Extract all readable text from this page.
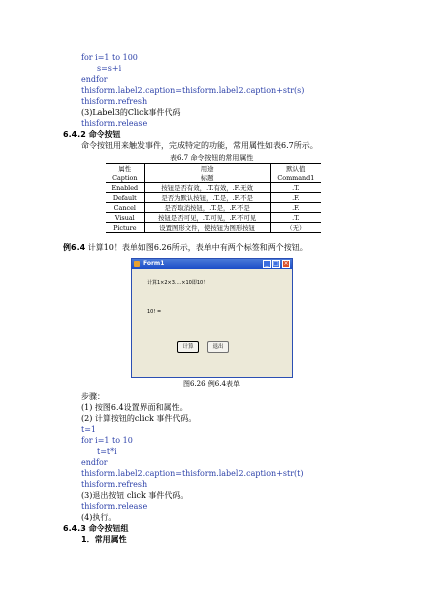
for i=1 to 100
s=s+i
endfor
thisform.label2.caption=thisform.label2.caption+str(s)
thisform.refresh
(3)Label3的Click事件代码
thisform.release
6.4.2 命令按钮
命令按钮用来触发事件，完成特定的功能，常用属性如表6.7所示。
表6.7 命令按钮的常用属性
属性	用途	默认值
Caption	标题	Command1
Enabled	按钮是否有效，.T.有效，.F.无效	.T.
Default	是否为默认按钮，.T.是，.F.不是	.F.
Cancel	是否取消按钮，.T.是，.F.不是	.F.
Visual	按钮是否可见，.T.可见，.F.不可见	.T.
Picture	设置图形文件，使按钮为图形按钮	（无）
例6.4 计算10！表单如图6.26所示，表单中有两个标签和两个按钮。
Form1	_ □ ×
计算1×2×3....×10即10！
10! =
计算	退出
图6.26 例6.4表单
步骤：
(1) 按图6.4设置界面和属性。
(2) 计算按钮的click 事件代码。
t=1
for i=1 to 10
t=t*i
endfor
thisform.label2.caption=thisform.label2.caption+str(t)
thisform.refresh
(3)退出按钮 click 事件代码。
thisform.release
(4)执行。
6.4.3 命令按钮组
1．常用属性
